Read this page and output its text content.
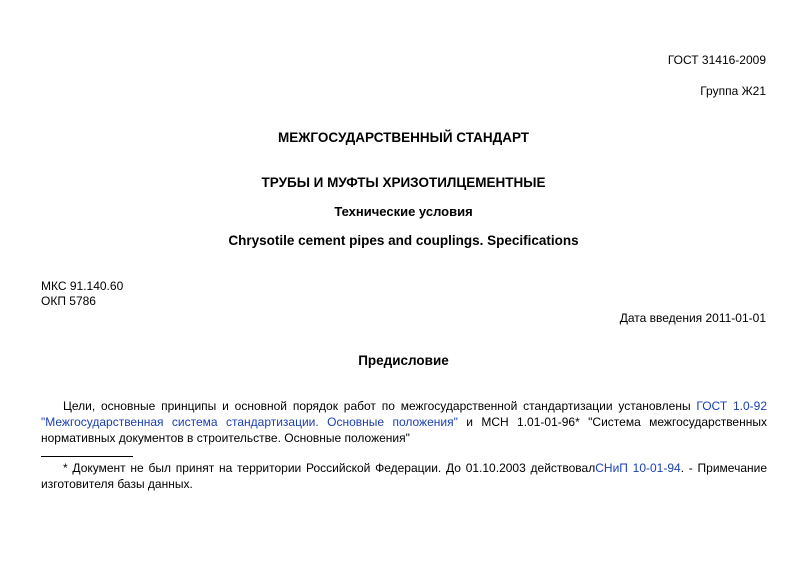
ГОСТ 31416-2009
Группа Ж21
МЕЖГОСУДАРСТВЕННЫЙ СТАНДАРТ
ТРУБЫ И МУФТЫ ХРИЗОТИЛЦЕМЕНТНЫЕ
Технические условия
Chrysotile cement pipes and couplings. Specifications
МКС 91.140.60
ОКП 5786
Дата введения 2011-01-01
Предисловие
Цели, основные принципы и основной порядок работ по межгосударственной стандартизации установлены ГОСТ 1.0-92 "Межгосударственная система стандартизации. Основные положения" и МСН 1.01-01-96* "Система межгосударственных нормативных документов в строительстве. Основные положения"
* Документ не был принят на территории Российской Федерации. До 01.10.2003 действовалСНиП 10-01-94. - Примечание изготовителя базы данных.
